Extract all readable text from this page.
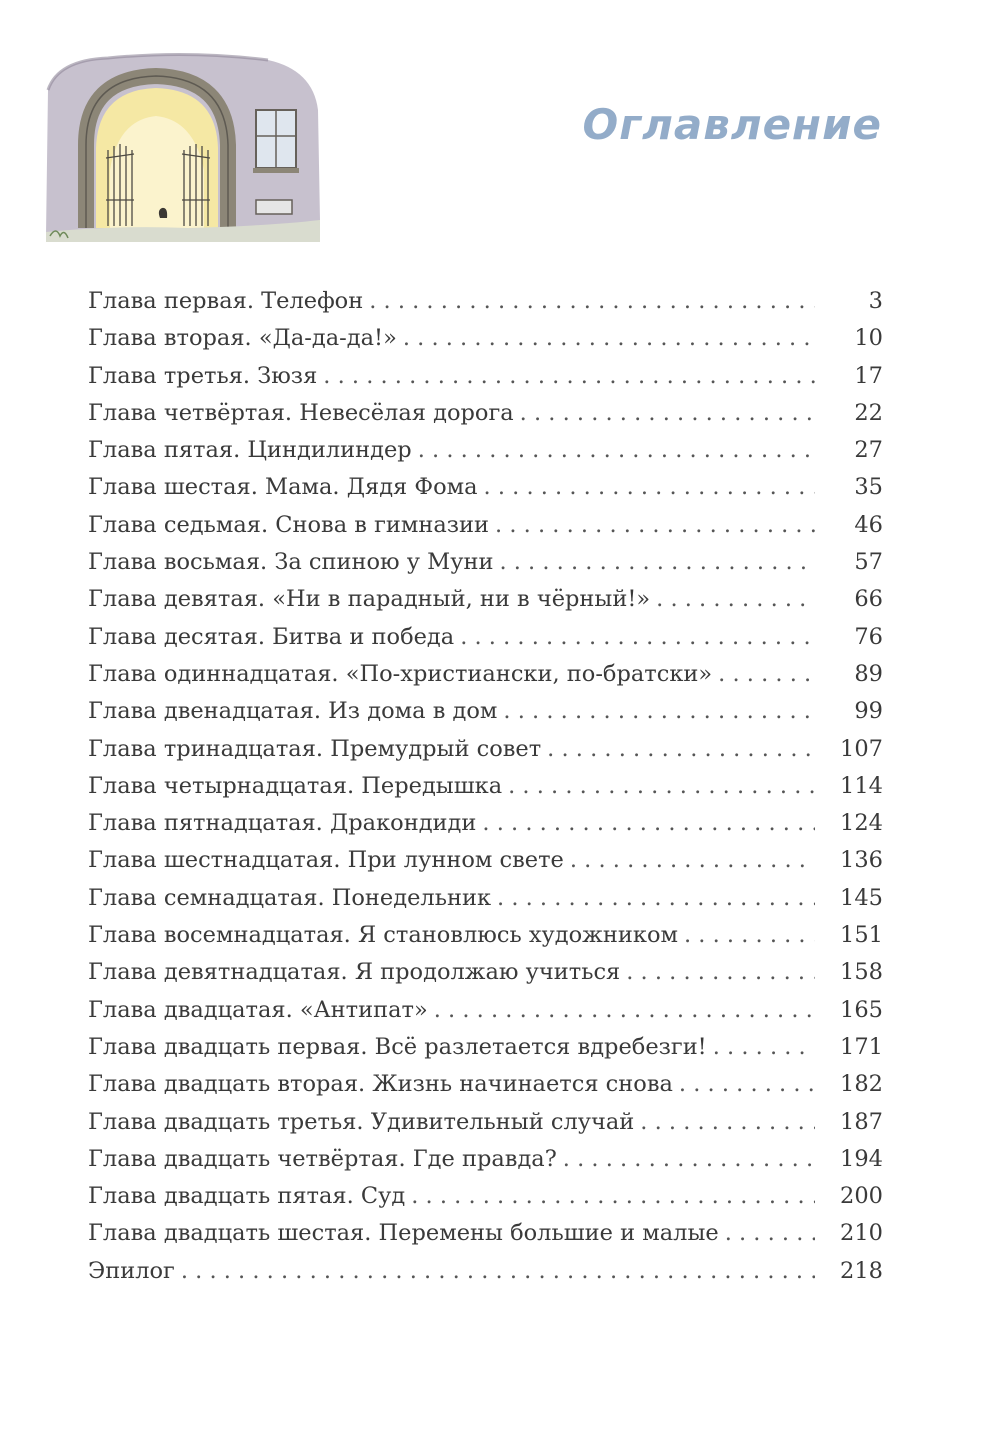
Оглавление
Глава первая. Телефон . . .	3
Глава вторая. «Да-да-да!» . . .	10
Глава третья. Зюзя . . .	17
Глава четвёртая. Невесёлая дорога . . .	22
Глава пятая. Циндилиндер . . .	27
Глава шестая. Мама. Дядя Фома . . .	35
Глава седьмая. Снова в гимназии . . .	46
Глава восьмая. За спиною у Муни . . .	57
Глава девятая. «Ни в парадный, ни в чёрный!» . . .	66
Глава десятая. Битва и победа . . .	76
Глава одиннадцатая. «По-христиански, по-братски» . . .	89
Глава двенадцатая. Из дома в дом . . .	99
Глава тринадцатая. Премудрый совет . . .	107
Глава четырнадцатая. Передышка . . .	114
Глава пятнадцатая. Дракондиди . . .	124
Глава шестнадцатая. При лунном свете . . .	136
Глава семнадцатая. Понедельник . . .	145
Глава восемнадцатая. Я становлюсь художником . . .	151
Глава девятнадцатая. Я продолжаю учиться . . .	158
Глава двадцатая. «Антипат» . . .	165
Глава двадцать первая. Всё разлетается вдребезги! . . .	171
Глава двадцать вторая. Жизнь начинается снова . . .	182
Глава двадцать третья. Удивительный случай . . .	187
Глава двадцать четвёртая. Где правда? . . .	194
Глава двадцать пятая. Суд . . .	200
Глава двадцать шестая. Перемены большие и малые . . .	210
Эпилог . . .	218
